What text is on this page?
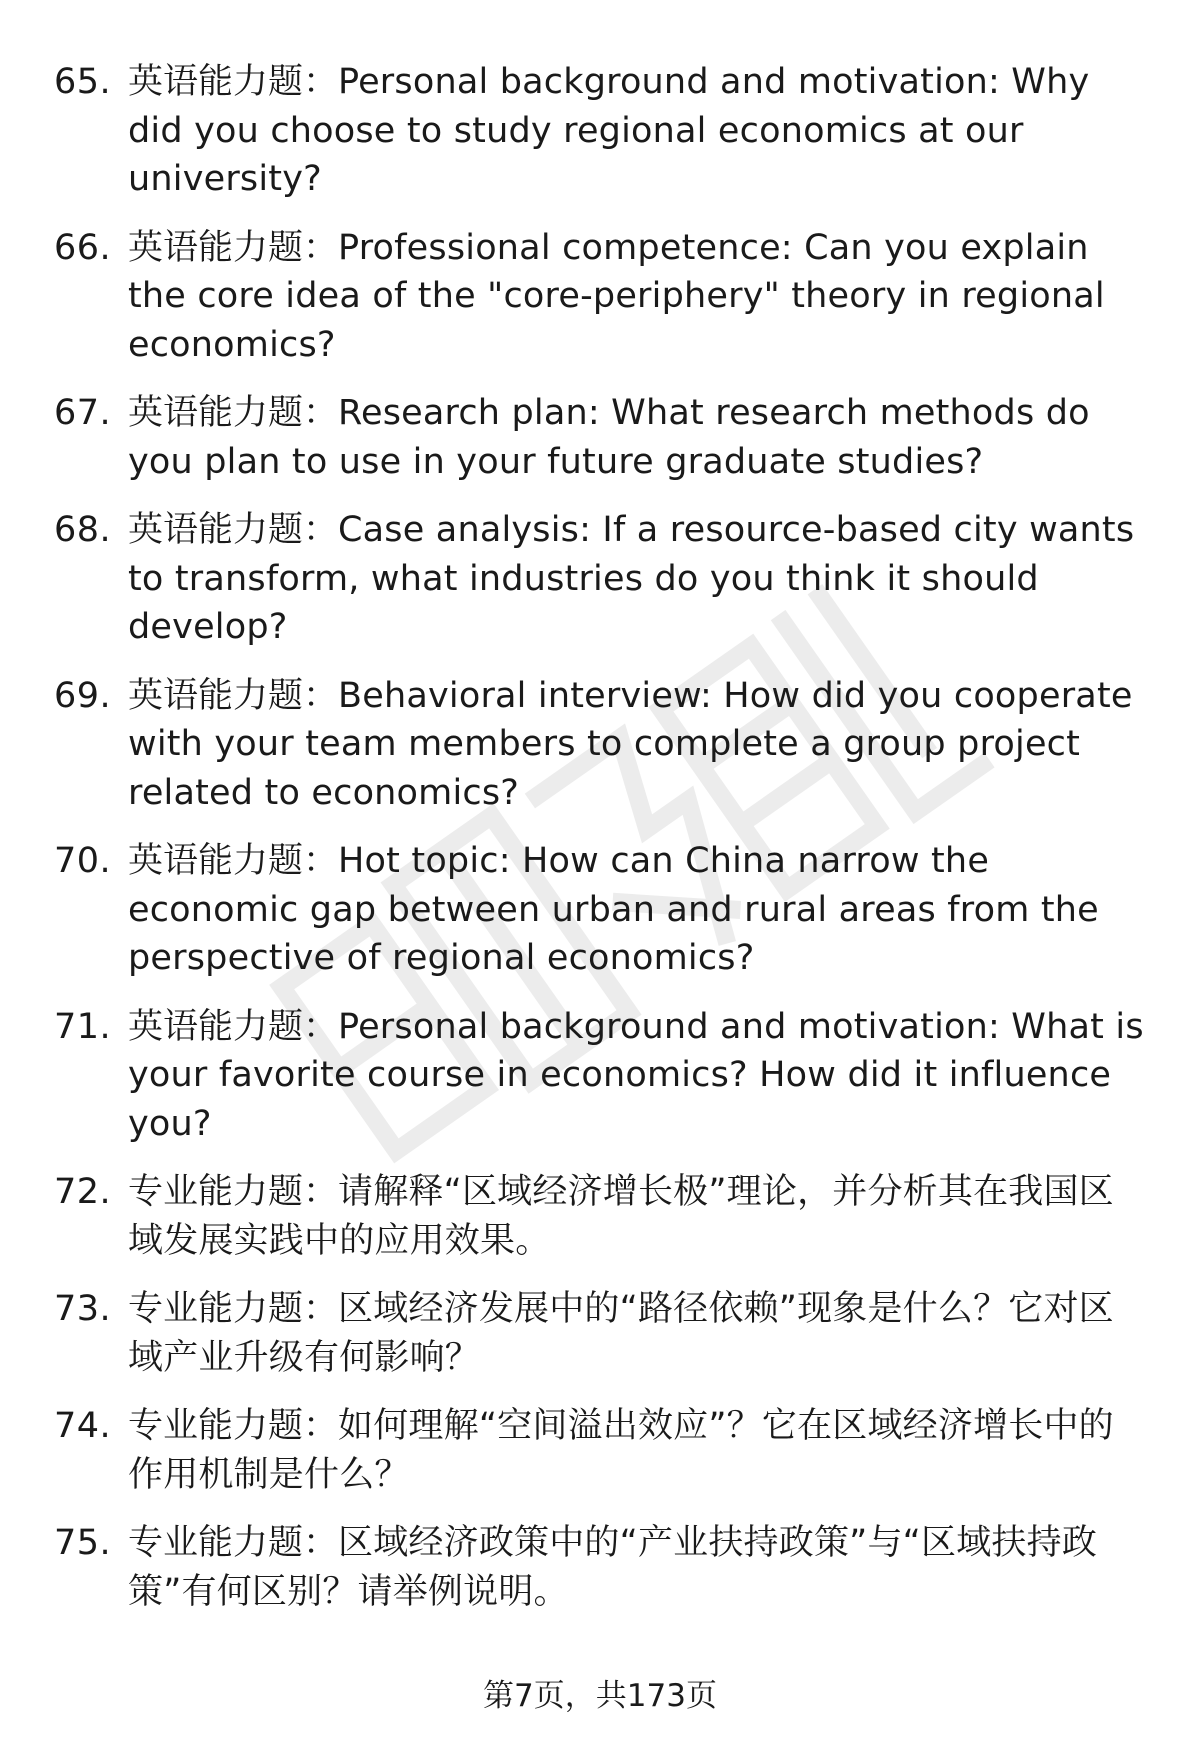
65. 英语能力题：Personal background and motivation: Why did you choose to study regional economics at our university?
66. 英语能力题：Professional competence: Can you explain the core idea of the "core-periphery" theory in regional economics?
67. 英语能力题：Research plan: What research methods do you plan to use in your future graduate studies?
68. 英语能力题：Case analysis: If a resource-based city wants to transform, what industries do you think it should develop?
69. 英语能力题：Behavioral interview: How did you cooperate with your team members to complete a group project related to economics?
70. 英语能力题：Hot topic: How can China narrow the economic gap between urban and rural areas from the perspective of regional economics?
71. 英语能力题：Personal background and motivation: What is your favorite course in economics? How did it influence you?
72. 专业能力题：请解释“区域经济增长极”理论，并分析其在我国区域发展实践中的应用效果。
73. 专业能力题：区域经济发展中的“路径依赖”现象是什么？它对区域产业升级有何影响？
74. 专业能力题：如何理解“空间溢出效应”？它在区域经济增长中的作用机制是什么？
75. 专业能力题：区域经济政策中的“产业扶持政策”与“区域扶持政策”有何区别？请举例说明。
第7页，共173页
